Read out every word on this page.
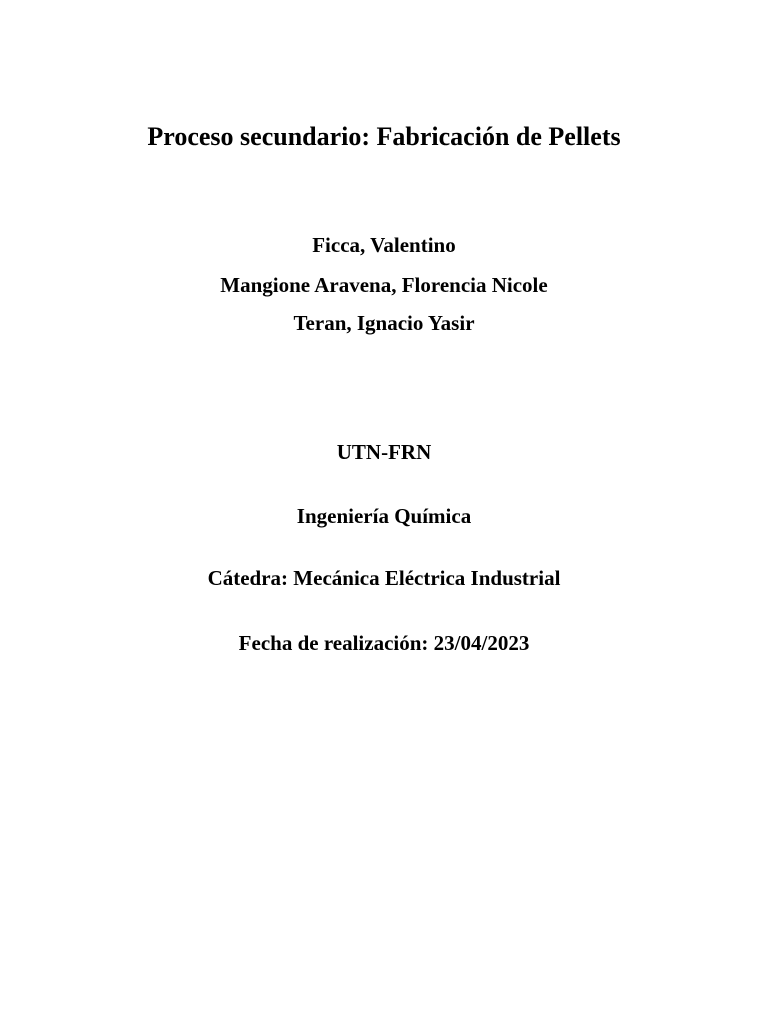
Proceso secundario: Fabricación de Pellets
Ficca, Valentino
Mangione Aravena, Florencia Nicole
Teran, Ignacio Yasir
UTN-FRN
Ingeniería Química
Cátedra: Mecánica Eléctrica Industrial
Fecha de realización: 23/04/2023
